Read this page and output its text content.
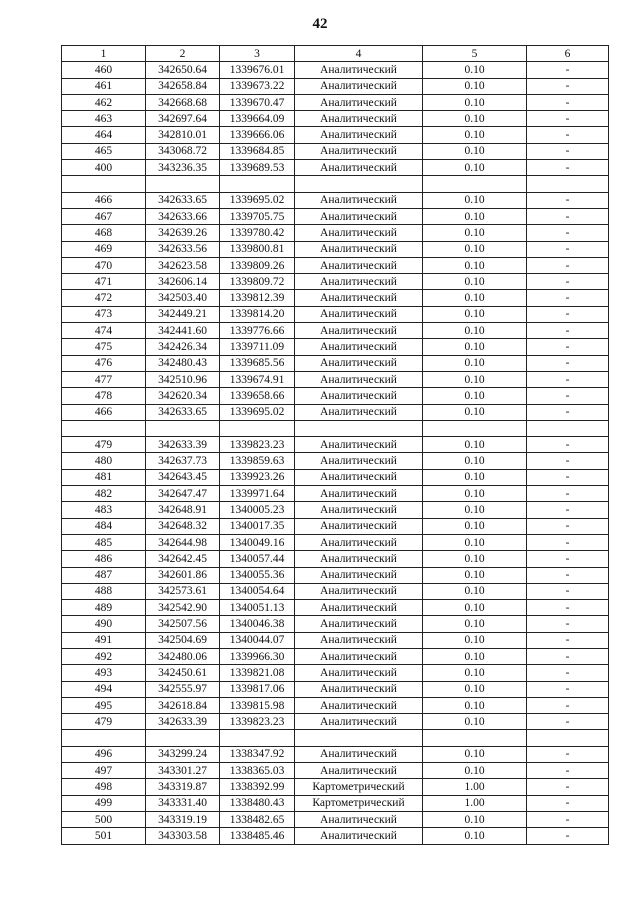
42
1	2	3	4	5	6
460	342650.64	1339676.01	Аналитический	0.10	-
461	342658.84	1339673.22	Аналитический	0.10	-
462	342668.68	1339670.47	Аналитический	0.10	-
463	342697.64	1339664.09	Аналитический	0.10	-
464	342810.01	1339666.06	Аналитический	0.10	-
465	343068.72	1339684.85	Аналитический	0.10	-
400	343236.35	1339689.53	Аналитический	0.10	-

466	342633.65	1339695.02	Аналитический	0.10	-
467	342633.66	1339705.75	Аналитический	0.10	-
468	342639.26	1339780.42	Аналитический	0.10	-
469	342633.56	1339800.81	Аналитический	0.10	-
470	342623.58	1339809.26	Аналитический	0.10	-
471	342606.14	1339809.72	Аналитический	0.10	-
472	342503.40	1339812.39	Аналитический	0.10	-
473	342449.21	1339814.20	Аналитический	0.10	-
474	342441.60	1339776.66	Аналитический	0.10	-
475	342426.34	1339711.09	Аналитический	0.10	-
476	342480.43	1339685.56	Аналитический	0.10	-
477	342510.96	1339674.91	Аналитический	0.10	-
478	342620.34	1339658.66	Аналитический	0.10	-
466	342633.65	1339695.02	Аналитический	0.10	-

479	342633.39	1339823.23	Аналитический	0.10	-
480	342637.73	1339859.63	Аналитический	0.10	-
481	342643.45	1339923.26	Аналитический	0.10	-
482	342647.47	1339971.64	Аналитический	0.10	-
483	342648.91	1340005.23	Аналитический	0.10	-
484	342648.32	1340017.35	Аналитический	0.10	-
485	342644.98	1340049.16	Аналитический	0.10	-
486	342642.45	1340057.44	Аналитический	0.10	-
487	342601.86	1340055.36	Аналитический	0.10	-
488	342573.61	1340054.64	Аналитический	0.10	-
489	342542.90	1340051.13	Аналитический	0.10	-
490	342507.56	1340046.38	Аналитический	0.10	-
491	342504.69	1340044.07	Аналитический	0.10	-
492	342480.06	1339966.30	Аналитический	0.10	-
493	342450.61	1339821.08	Аналитический	0.10	-
494	342555.97	1339817.06	Аналитический	0.10	-
495	342618.84	1339815.98	Аналитический	0.10	-
479	342633.39	1339823.23	Аналитический	0.10	-

496	343299.24	1338347.92	Аналитический	0.10	-
497	343301.27	1338365.03	Аналитический	0.10	-
498	343319.87	1338392.99	Картометрический	1.00	-
499	343331.40	1338480.43	Картометрический	1.00	-
500	343319.19	1338482.65	Аналитический	0.10	-
501	343303.58	1338485.46	Аналитический	0.10	-
